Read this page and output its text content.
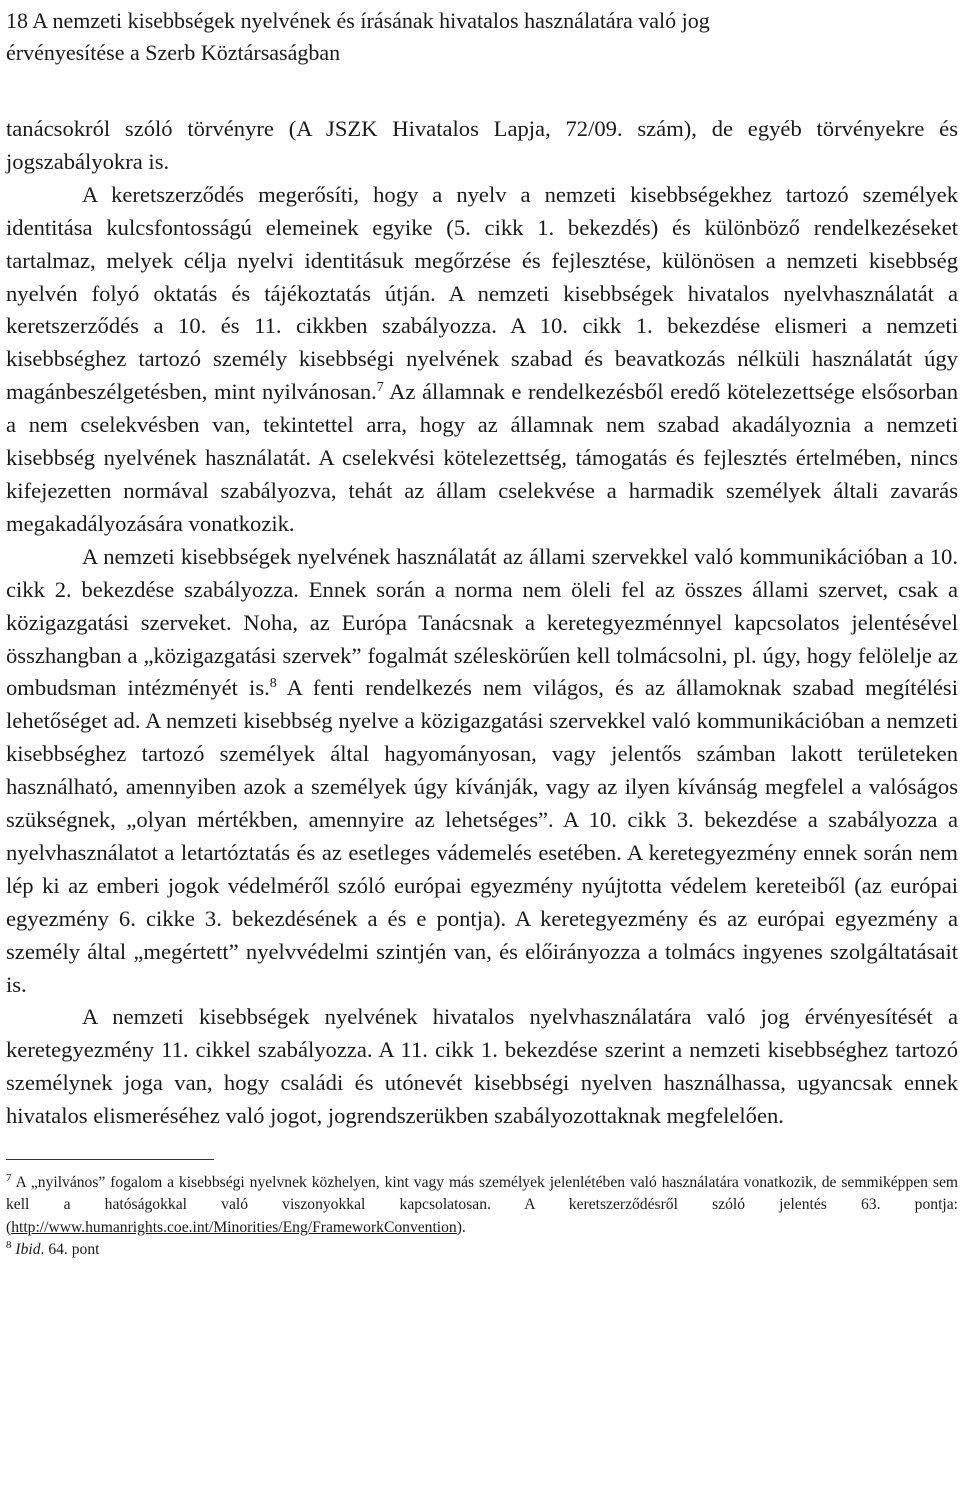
18 A nemzeti kisebbségek nyelvének és írásának hivatalos használatára való jog
érvényesítése a Szerb Köztársaságban

tanácsokról szóló törvényre (A JSZK Hivatalos Lapja, 72/09. szám), de egyéb törvényekre és jogszabályokra is.

A keretszerződés megerősíti, hogy a nyelv a nemzeti kisebbségekhez tartozó személyek identitása kulcsfontosságú elemeinek egyike (5. cikk 1. bekezdés) és különböző rendelkezéseket tartalmaz, melyek célja nyelvi identitásuk megőrzése és fejlesztése, különösen a nemzeti kisebbség nyelvén folyó oktatás és tájékoztatás útján. A nemzeti kisebbségek hivatalos nyelvhasználatát a keretszerződés a 10. és 11. cikkben szabályozza. A 10. cikk 1. bekezdése elismeri a nemzeti kisebbséghez tartozó személy kisebbségi nyelvének szabad és beavatkozás nélküli használatát úgy magánbeszélgetésben, mint nyilvánosan.$^7$ Az államnak e rendelkezésből eredő kötelezettsége elsősorban a nem cselekvésben van, tekintettel arra, hogy az államnak nem szabad akadályoznia a nemzeti kisebbség nyelvének használatát. A cselekvési kötelezettség, támogatás és fejlesztés értelmében, nincs kifejezetten normával szabályozva, tehát az állam cselekvése a harmadik személyek általi zavarás megakadályozására vonatkozik.

A nemzeti kisebbségek nyelvének használatát az állami szervekkel való kommunikációban a 10. cikk 2. bekezdése szabályozza. Ennek során a norma nem öleli fel az összes állami szervet, csak a közigazgatási szerveket. Noha, az Európa Tanácsnak a keretegyezménnyel kapcsolatos jelentésével összhangban a „közigazgatási szervek” fogalmát széleskörűen kell tolmácsolni, pl. úgy, hogy felölelje az ombudsman intézményét is.$^8$ A fenti rendelkezés nem világos, és az államoknak szabad megítélési lehetőséget ad. A nemzeti kisebbség nyelve a közigazgatási szervekkel való kommunikációban a nemzeti kisebbséghez tartozó személyek által hagyományosan, vagy jelentős számban lakott területeken használható, amennyiben azok a személyek úgy kívánják, vagy az ilyen kívánság megfelel a valóságos szükségnek, „olyan mértékben, amennyire az lehetséges”. A 10. cikk 3. bekezdése a szabályozza a nyelvhasználatot a letartóztatás és az esetleges vádemelés esetében. A keretegyezmény ennek során nem lép ki az emberi jogok védelméről szóló európai egyezmény nyújtotta védelem kereteiből (az európai egyezmény 6. cikke 3. bekezdésének a és e pontja). A keretegyezmény és az európai egyezmény a személy által „megértett” nyelvvédelmi szintjén van, és előirányozza a tolmács ingyenes szolgáltatásait is.

A nemzeti kisebbségek nyelvének hivatalos nyelvhasználatára való jog érvényesítését a keretegyezmény 11. cikkel szabályozza. A 11. cikk 1. bekezdése szerint a nemzeti kisebbséghez tartozó személynek joga van, hogy családi és utónevét kisebbségi nyelven használhassa, ugyancsak ennek hivatalos elismeréséhez való jogot, jogrendszerükben szabályozottaknak megfelelően.

$^7$ A „nyilvános” fogalom a kisebbségi nyelvnek közhelyen, kint vagy más személyek jelenlétében való használatára vonatkozik, de semmiképpen sem kell a hatóságokkal való viszonyokkal kapcsolatosan. A keretszerződésről szóló jelentés 63. pontja: (http://www.humanrights.coe.int/Minorities/Eng/FrameworkConvention).

$^8$ Ibid. 64. pont
